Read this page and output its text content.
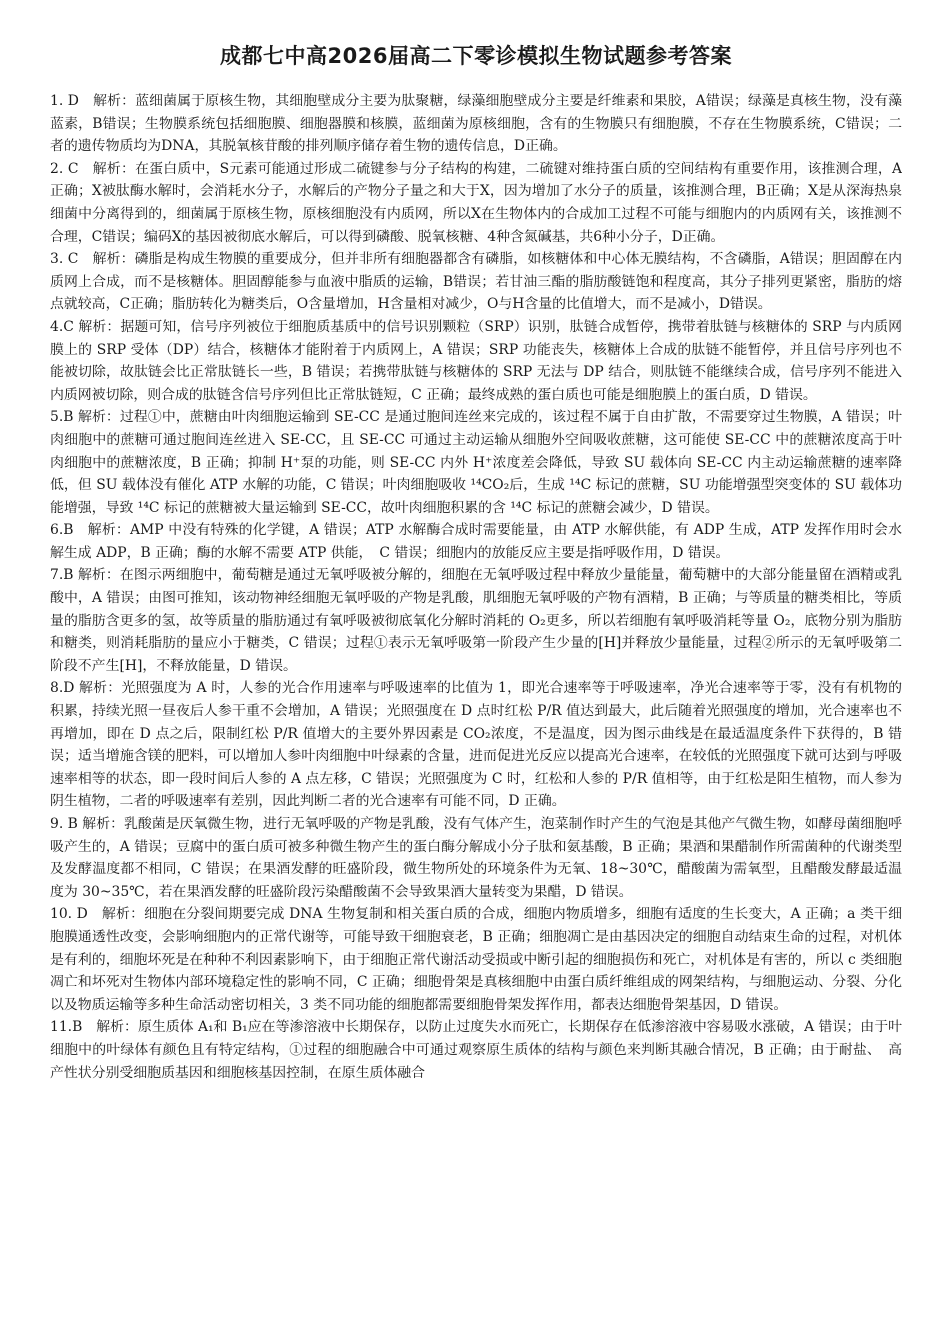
成都七中高2026届高二下零诊模拟生物试题参考答案

1. D　解析：蓝细菌属于原核生物，其细胞壁成分主要为肽聚糖，绿藻细胞壁成分主要是纤维素和果胶，A错误；绿藻是真核生物，没有藻蓝素，B错误；生物膜系统包括细胞膜、细胞器膜和核膜，蓝细菌为原核细胞，含有的生物膜只有细胞膜，不存在生物膜系统，C错误；二者的遗传物质均为DNA，其脱氧核苷酸的排列顺序储存着生物的遗传信息，D正确。

2. C　解析：在蛋白质中，S元素可能通过形成二硫键参与分子结构的构建，二硫键对维持蛋白质的空间结构有重要作用，该推测合理，A正确；X被肽酶水解时，会消耗水分子，水解后的产物分子量之和大于X，因为增加了水分子的质量，该推测合理，B正确；X是从深海热泉细菌中分离得到的，细菌属于原核生物，原核细胞没有内质网，所以X在生物体内的合成加工过程不可能与细胞内的内质网有关，该推测不合理，C错误；编码X的基因被彻底水解后，可以得到磷酸、脱氧核糖、4种含氮碱基，共6种小分子，D正确。

3. C　解析：磷脂是构成生物膜的重要成分，但并非所有细胞器都含有磷脂，如核糖体和中心体无膜结构，不含磷脂，A错误；胆固醇在内质网上合成，而不是核糖体。胆固醇能参与血液中脂质的运输，B错误；若甘油三酯的脂肪酸链饱和程度高，其分子排列更紧密，脂肪的熔点就较高，C正确；脂肪转化为糖类后，O含量增加，H含量相对减少，O与H含量的比值增大，而不是减小，D错误。

4.C 解析：据题可知，信号序列被位于细胞质基质中的信号识别颗粒（SRP）识别，肽链合成暂停，携带着肽链与核糖体的 SRP 与内质网膜上的 SRP 受体（DP）结合，核糖体才能附着于内质网上，A 错误；SRP 功能丧失，核糖体上合成的肽链不能暂停，并且信号序列也不能被切除，故肽链会比正常肽链长一些，B 错误；若携带肽链与核糖体的 SRP 无法与 DP 结合，则肽链不能继续合成，信号序列不能进入内质网被切除，则合成的肽链含信号序列但比正常肽链短，C 正确；最终成熟的蛋白质也可能是细胞膜上的蛋白质，D 错误。

5.B 解析：过程①中，蔗糖由叶肉细胞运输到 SE-CC 是通过胞间连丝来完成的，该过程不属于自由扩散，不需要穿过生物膜，A 错误；叶肉细胞中的蔗糖可通过胞间连丝进入 SE-CC，且 SE-CC 可通过主动运输从细胞外空间吸收蔗糖，这可能使 SE-CC 中的蔗糖浓度高于叶肉细胞中的蔗糖浓度，B 正确；抑制 H⁺泵的功能，则 SE-CC 内外 H⁺浓度差会降低，导致 SU 载体向 SE-CC 内主动运输蔗糖的速率降低，但 SU 载体没有催化 ATP 水解的功能，C 错误；叶肉细胞吸收 ¹⁴CO₂后，生成 ¹⁴C 标记的蔗糖，SU 功能增强型突变体的 SU 载体功能增强，导致 ¹⁴C 标记的蔗糖被大量运输到 SE-CC，故叶肉细胞积累的含 ¹⁴C 标记的蔗糖会减少，D 错误。

6.B　解析：AMP 中没有特殊的化学键，A 错误；ATP 水解酶合成时需要能量，由 ATP 水解供能，有 ADP 生成，ATP 发挥作用时会水解生成 ADP，B 正确；酶的水解不需要 ATP 供能，　C 错误；细胞内的放能反应主要是指呼吸作用，D 错误。

7.B 解析：在图示两细胞中，葡萄糖是通过无氧呼吸被分解的，细胞在无氧呼吸过程中释放少量能量，葡萄糖中的大部分能量留在酒精或乳酸中，A 错误；由图可推知，该动物神经细胞无氧呼吸的产物是乳酸，肌细胞无氧呼吸的产物有酒精，B 正确；与等质量的糖类相比，等质量的脂肪含更多的氢，故等质量的脂肪通过有氧呼吸被彻底氧化分解时消耗的 O₂更多，所以若细胞有氧呼吸消耗等量 O₂，底物分别为脂肪和糖类，则消耗脂肪的量应小于糖类，C 错误；过程①表示无氧呼吸第一阶段产生少量的[H]并释放少量能量，过程②所示的无氧呼吸第二阶段不产生[H]，不释放能量，D 错误。

8.D 解析：光照强度为 A 时，人参的光合作用速率与呼吸速率的比值为 1，即光合速率等于呼吸速率，净光合速率等于零，没有有机物的积累，持续光照一昼夜后人参干重不会增加，A 错误；光照强度在 D 点时红松 P/R 值达到最大，此后随着光照强度的增加，光合速率也不再增加，即在 D 点之后，限制红松 P/R 值增大的主要外界因素是 CO₂浓度，不是温度，因为图示曲线是在最适温度条件下获得的，B 错误；适当增施含镁的肥料，可以增加人参叶肉细胞中叶绿素的含量，进而促进光反应以提高光合速率，在较低的光照强度下就可达到与呼吸速率相等的状态，即一段时间后人参的 A 点左移，C 错误；光照强度为 C 时，红松和人参的 P/R 值相等，由于红松是阳生植物，而人参为阴生植物，二者的呼吸速率有差别，因此判断二者的光合速率有可能不同，D 正确。

9. B 解析：乳酸菌是厌氧微生物，进行无氧呼吸的产物是乳酸，没有气体产生，泡菜制作时产生的气泡是其他产气微生物，如酵母菌细胞呼吸产生的，A 错误；豆腐中的蛋白质可被多种微生物产生的蛋白酶分解成小分子肽和氨基酸，B 正确；果酒和果醋制作所需菌种的代谢类型及发酵温度都不相同，C 错误；在果酒发酵的旺盛阶段，微生物所处的环境条件为无氧、18~30℃，醋酸菌为需氧型，且醋酸发酵最适温度为 30~35℃，若在果酒发酵的旺盛阶段污染醋酸菌不会导致果酒大量转变为果醋，D 错误。

10. D　解析：细胞在分裂间期要完成 DNA 生物复制和相关蛋白质的合成，细胞内物质增多，细胞有适度的生长变大，A 正确；a 类干细胞膜通透性改变，会影响细胞内的正常代谢等，可能导致干细胞衰老，B 正确；细胞凋亡是由基因决定的细胞自动结束生命的过程，对机体是有利的，细胞坏死是在种种不利因素影响下，由于细胞正常代谢活动受损或中断引起的细胞损伤和死亡，对机体是有害的，所以 c 类细胞凋亡和坏死对生物体内部环境稳定性的影响不同，C 正确；细胞骨架是真核细胞中由蛋白质纤维组成的网架结构，与细胞运动、分裂、分化以及物质运输等多种生命活动密切相关，3 类不同功能的细胞都需要细胞骨架发挥作用，都表达细胞骨架基因，D 错误。

11.B　解析：原生质体 A₁和 B₁应在等渗溶液中长期保存，以防止过度失水而死亡，长期保存在低渗溶液中容易吸水涨破，A 错误；由于叶细胞中的叶绿体有颜色且有特定结构，①过程的细胞融合中可通过观察原生质体的结构与颜色来判断其融合情况，B 正确；由于耐盐、　高产性状分别受细胞质基因和细胞核基因控制，在原生质体融合
